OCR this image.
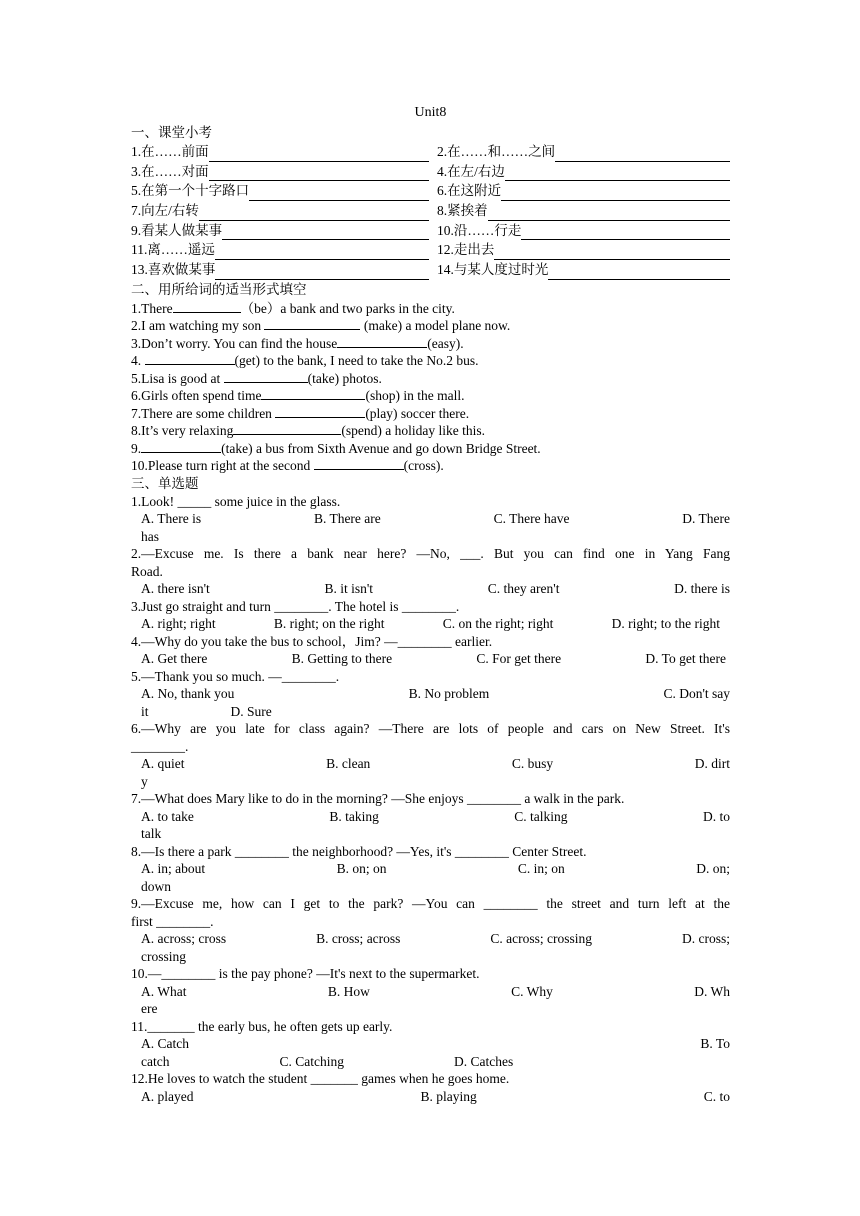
Unit8
一、课堂小考
1.在……前面	2.在……和……之间
3.在……对面	4.在左/右边
5.在第一个十字路口	6.在这附近
7.向左/右转	8.紧挨着
9.看某人做某事	10.沿……行走
11.离……遥远	12.走出去
13.喜欢做某事	14.与某人度过时光
二、用所给词的适当形式填空
1.There	（be）a bank and two parks in the city.
2.I am watching my son	(make) a model plane now.
3.Don’t worry. You can find the house	(easy).
4.	(get) to the bank, I need to take the No.2 bus.
5.Lisa is good at	(take) photos.
6.Girls often spend time	(shop) in the mall.
7.There are some children	(play) soccer there.
8.It’s very relaxing	(spend) a holiday like this.
9.	(take) a bus from Sixth Avenue and go down Bridge Street.
10.Please turn right at the second	(cross).
三、单选题
1.Look! _____ some juice in the glass.
A. There is	B. There are	C. There have	D. There
has
2.—Excuse me. Is there a bank near here? —No, ___. But you can find one in Yang Fang
Road.
A. there isn't	B. it isn't	C. they aren't	D. there is
3.Just go straight and turn ________. The hotel is ________.
A. right; right	B. right; on the right	C. on the right; right	D. right; to the right
4.—Why do you take the bus to school，Jim? —________ earlier.
A. Get there	B. Getting to there	C. For get there	D. To get there
5.—Thank you so much. —________.
A. No, thank you	B. No problem	C. Don't say
it	D. Sure
6.—Why are you late for class again? —There are lots of people and cars on New Street. It's
________.
A. quiet	B. clean	C. busy	D. dirt
y
7.—What does Mary like to do in the morning? —She enjoys ________ a walk in the park.
A. to take	B. taking	C. talking	D. to
talk
8.—Is there a park ________ the neighborhood? —Yes, it's ________ Center Street.
A. in; about	B. on; on	C. in; on	D. on;
down
9.—Excuse me, how can I get to the park? —You can ________ the street and turn left at the
first ________.
A. across; cross	B. cross; across	C. across; crossing	D. cross;
crossing
10.—________ is the pay phone? —It's next to the supermarket.
A. What	B. How	C. Why	D. Wh
ere
11._______ the early bus, he often gets up early.
A. Catch	B. To
catch	C. Catching	D. Catches
12.He loves to watch the student _______ games when he goes home.
A. played	B. playing	C. to
